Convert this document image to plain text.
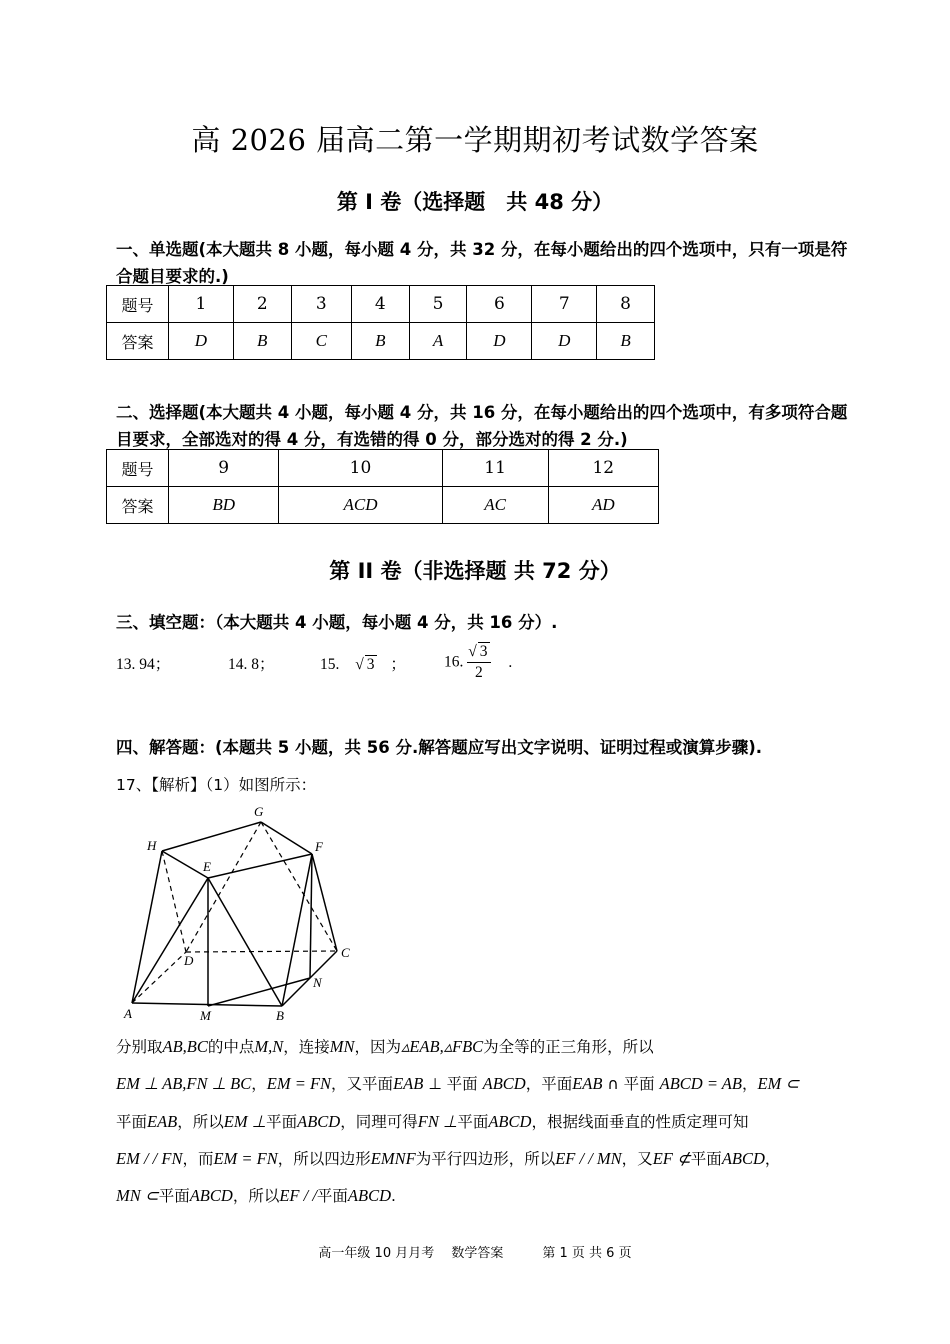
高 2026 届高二第一学期期初考试数学答案
第 I 卷（选择题　共 48 分）
一、单选题(本大题共 8 小题，每小题 4 分，共 32 分，在每小题给出的四个选项中，只有一项是符合题目要求的.)
题号	1	2	3	4	5	6	7	8
答案	D	B	C	B	A	D	D	B
二、选择题(本大题共 4 小题，每小题 4 分，共 16 分，在每小题给出的四个选项中，有多项符合题目要求，全部选对的得 4 分，有选错的得 0 分，部分选对的得 2 分.)
题号	9	10	11	12
答案	BD	ACD	AC	AD
第 II 卷（非选择题 共 72 分）
三、填空题：（本大题共 4 小题，每小题 4 分，共 16 分）.
13. 94；	14. 8；	15. √ 3 ； 16. $\frac{√ 3}{2}$ .
四、解答题：(本题共 5 小题，共 56 分.解答题应写出文字说明、证明过程或演算步骤).
17、【解析】（1）如图所示：
A	B
C
D
E
F
G
H
M
N
分别取AB,BC的中点M,N，连接MN，因为▵EAB,▵FBC为全等的正三角形，所以
EM ⊥ AB,FN ⊥ BC，EM = FN，又平面EAB ⊥ 平面 ABCD，平面EAB ∩ 平面 ABCD = AB，EM ⊂
平面EAB，所以EM ⊥平面ABCD，同理可得FN ⊥平面ABCD，根据线面垂直的性质定理可知
EM / / FN，而EM = FN，所以四边形EMNF为平行四边形，所以EF / / MN，又EF ⊄平面ABCD，
MN ⊂平面ABCD，所以EF / /平面ABCD.
高一年级 10 月月考　 数学答案　　　第 1 页 共 6 页
